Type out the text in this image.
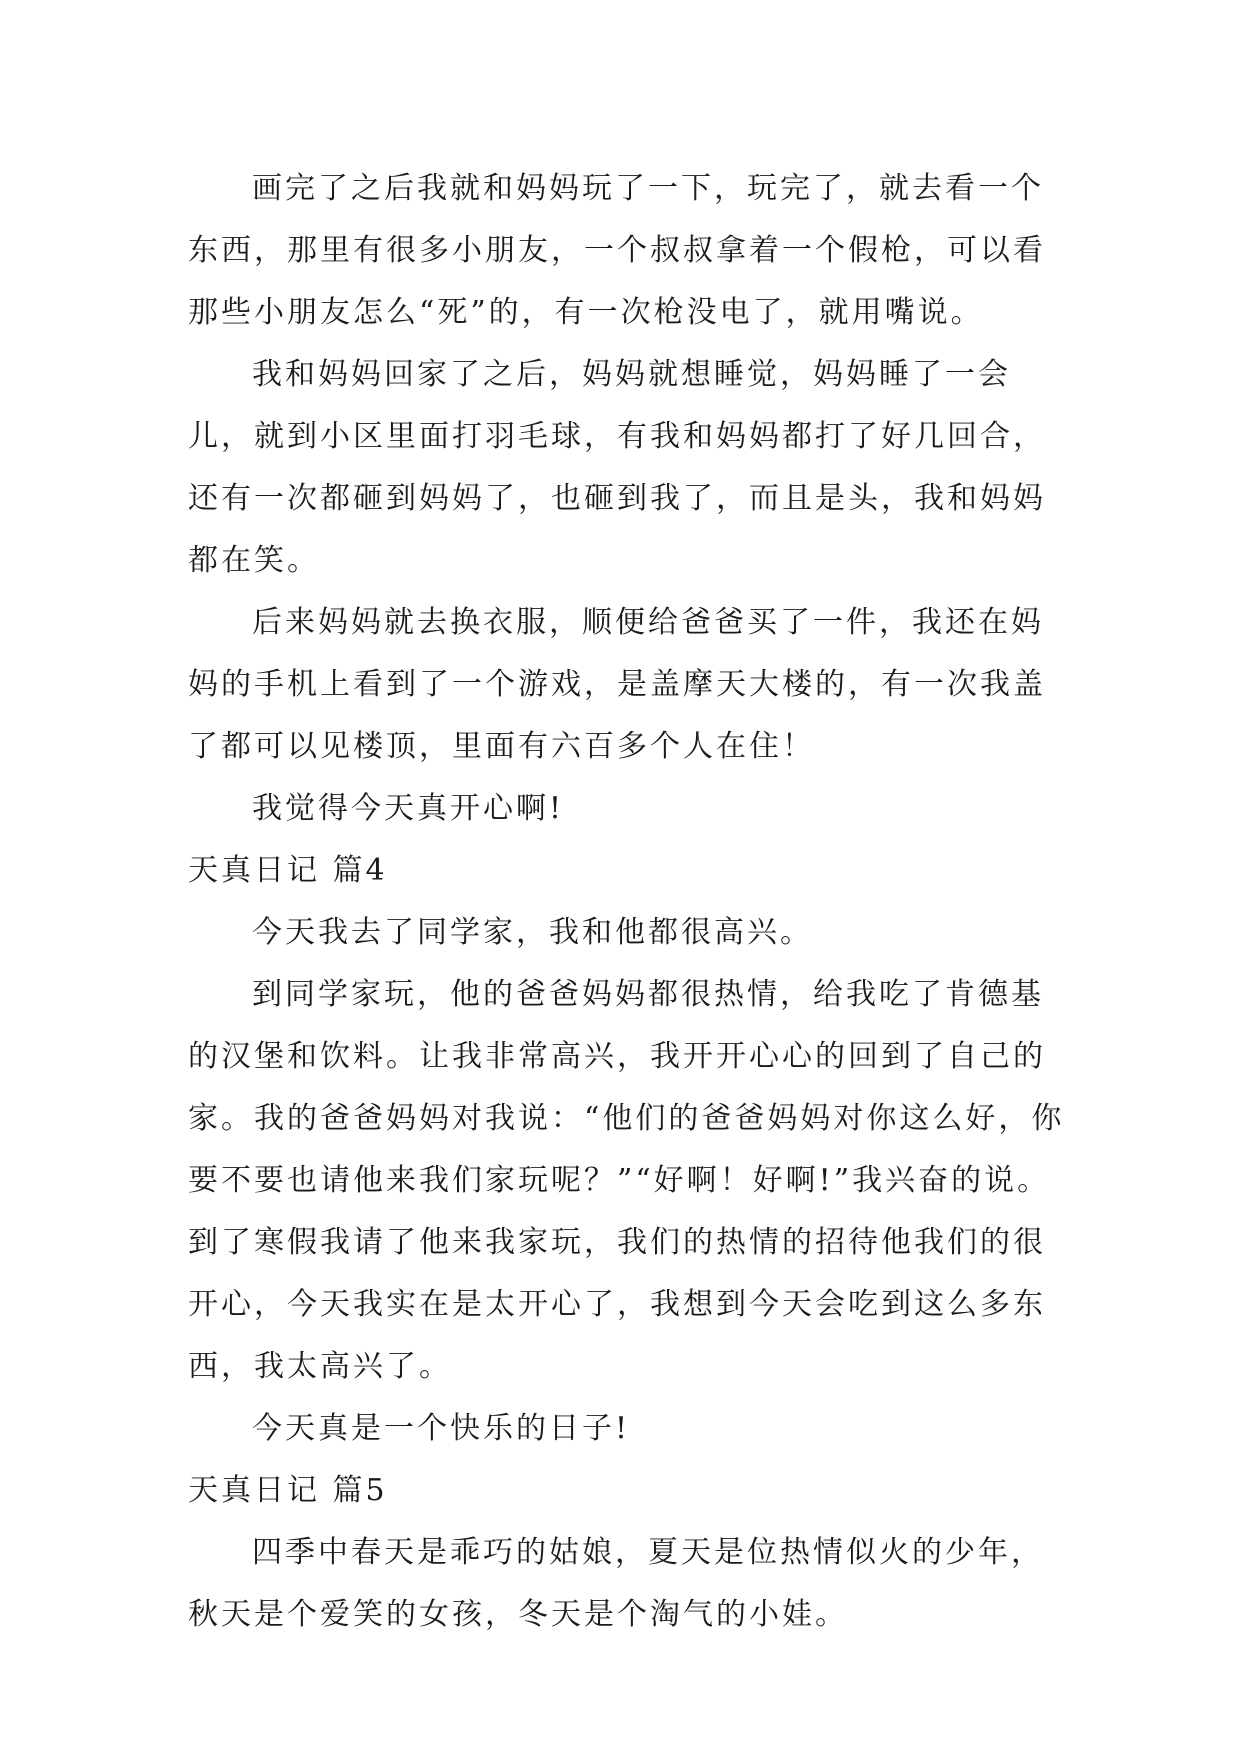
画完了之后我就和妈妈玩了一下，玩完了，就去看一个东西，那里有很多小朋友，一个叔叔拿着一个假枪，可以看那些小朋友怎么“死”的，有一次枪没电了，就用嘴说。

我和妈妈回家了之后，妈妈就想睡觉，妈妈睡了一会儿，就到小区里面打羽毛球，有我和妈妈都打了好几回合，还有一次都砸到妈妈了，也砸到我了，而且是头，我和妈妈都在笑。

后来妈妈就去换衣服，顺便给爸爸买了一件，我还在妈妈的手机上看到了一个游戏，是盖摩天大楼的，有一次我盖了都可以见楼顶，里面有六百多个人在住！

我觉得今天真开心啊!

天真日记 篇4

今天我去了同学家，我和他都很高兴。

到同学家玩，他的爸爸妈妈都很热情，给我吃了肯德基的汉堡和饮料。让我非常高兴，我开开心心的回到了自己的家。我的爸爸妈妈对我说：“他们的爸爸妈妈对你这么好，你要不要也请他来我们家玩呢？”“好啊！好啊!”我兴奋的说。到了寒假我请了他来我家玩，我们的热情的招待他我们的很开心，今天我实在是太开心了，我想到今天会吃到这么多东西，我太高兴了。

今天真是一个快乐的日子!

天真日记 篇5

四季中春天是乖巧的姑娘，夏天是位热情似火的少年，秋天是个爱笑的女孩，冬天是个淘气的小娃。
